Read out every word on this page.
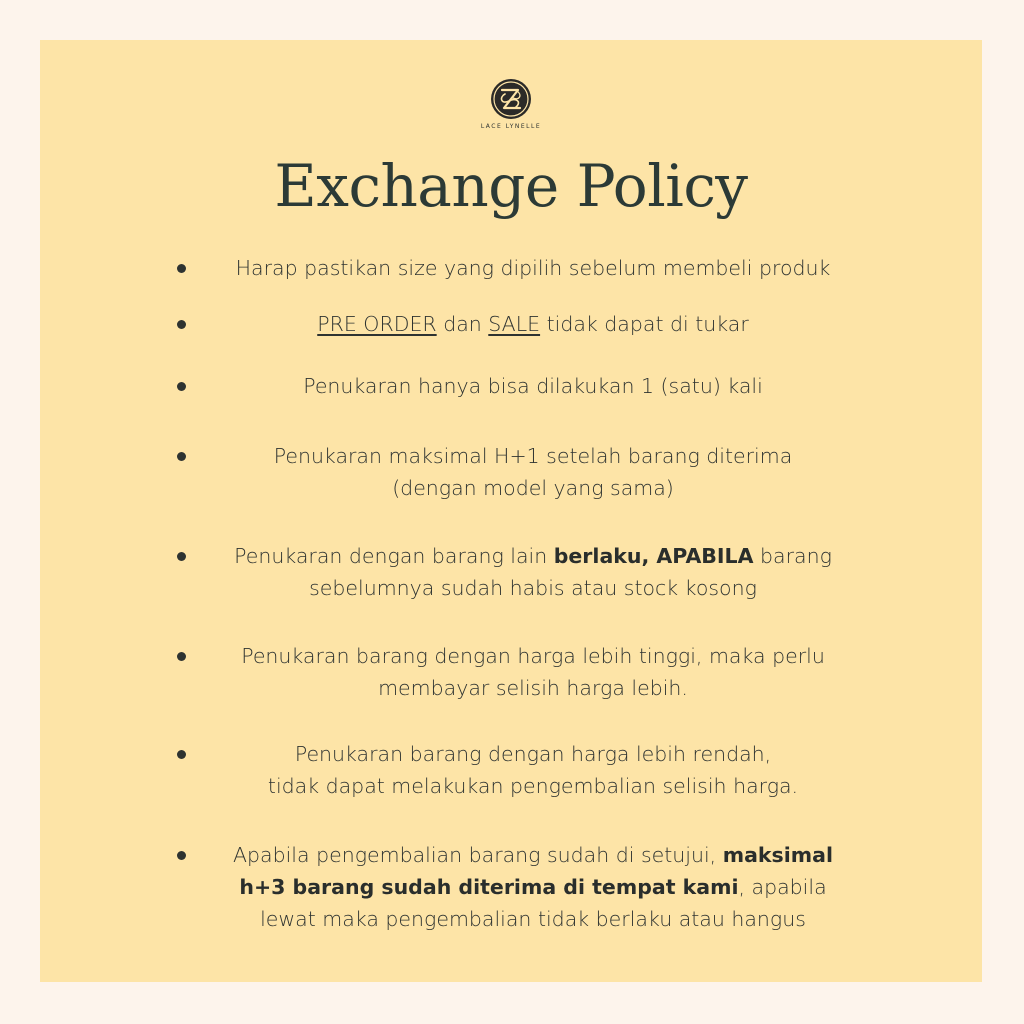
LACE LYNELLE
Exchange Policy
Harap pastikan size yang dipilih sebelum membeli produk
PRE ORDER dan SALE tidak dapat di tukar
Penukaran hanya bisa dilakukan 1 (satu) kali
Penukaran maksimal H+1 setelah barang diterima
(dengan model yang sama)
Penukaran dengan barang lain berlaku, APABILA barang
sebelumnya sudah habis atau stock kosong
Penukaran barang dengan harga lebih tinggi, maka perlu
membayar selisih harga lebih.
Penukaran barang dengan harga lebih rendah,
tidak dapat melakukan pengembalian selisih harga.
Apabila pengembalian barang sudah di setujui, maksimal
h+3 barang sudah diterima di tempat kami, apabila
lewat maka pengembalian tidak berlaku atau hangus
